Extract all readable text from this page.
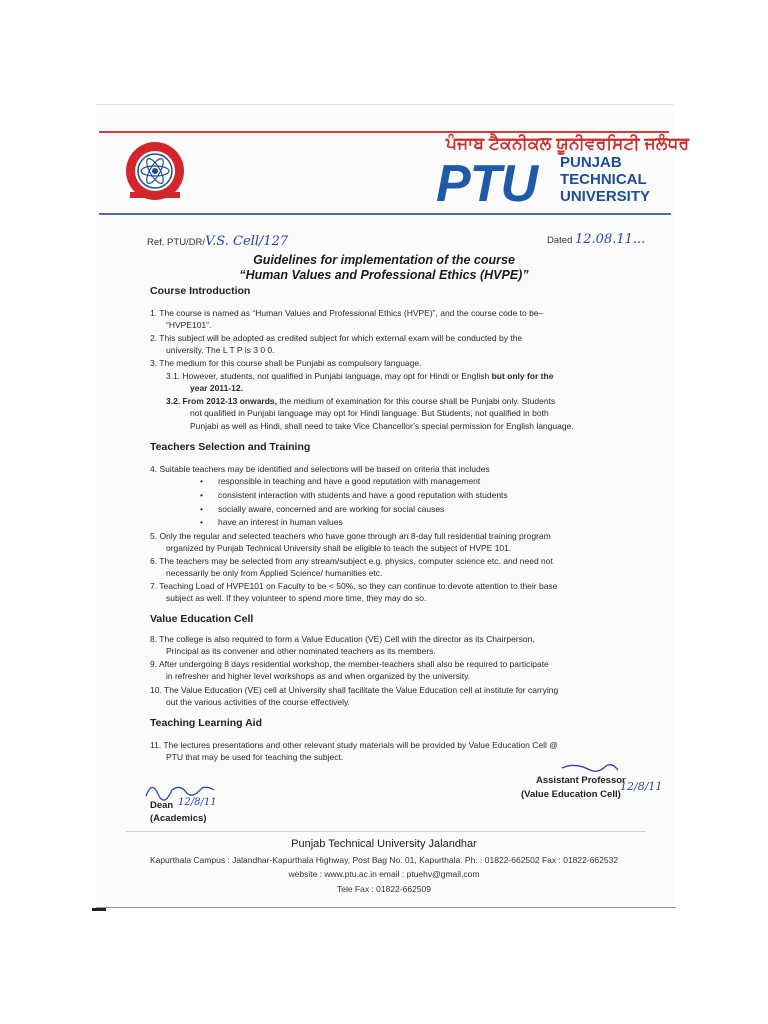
ਪੰਜਾਬ ਟੈਕਨੀਕਲ ਯੂਨੀਵਰਸਿਟੀ ਜਲੰਧਰ
PTU PUNJAB
TECHNICAL
UNIVERSITY
Ref. PTU/DR/V.S. Cell/127	Dated 12.08.11...
Guidelines for implementation of the course
“Human Values and Professional Ethics (HVPE)”
Course Introduction
1. The course is named as “Human Values and Professional Ethics (HVPE)”, and the course code to be–
“HVPE101”.
2. This subject will be adopted as credited subject for which external exam will be conducted by the
university. The L T P is 3 0 0.
3. The medium for this course shall be Punjabi as compulsory language.
3.1. However, students, not qualified in Punjabi language, may opt for Hindi or English but only for the
year 2011-12.
3.2. From 2012-13 onwards, the medium of examination for this course shall be Punjabi only. Students
not qualified in Punjabi language may opt for Hindi language. But Students, not qualified in both
Punjabi as well as Hindi, shall need to take Vice Chancellor’s special permission for English language.
Teachers Selection and Training
4. Suitable teachers may be identified and selections will be based on criteria that includes
• responsible in teaching and have a good reputation with management
• consistent interaction with students and have a good reputation with students
• socially aware, concerned and are working for social causes
• have an interest in human values
5. Only the regular and selected teachers who have gone through an 8-day full residential training program
organized by Punjab Technical University shall be eligible to teach the subject of HVPE 101.
6. The teachers may be selected from any stream/subject e.g. physics, computer science etc. and need not
necessarily be only from Applied Science/ humanities etc.
7. Teaching Load of HVPE101 on Faculty to be < 50%, so they can continue to devote attention to their base
subject as well. If they volunteer to spend more time, they may do so.
Value Education Cell
8. The college is also required to form a Value Education (VE) Cell with the director as its Chairperson,
Principal as its convener and other nominated teachers as its members.
9. After undergoing 8 days residential workshop, the member-teachers shall also be required to participate
in refresher and higher level workshops as and when organized by the university.
10. The Value Education (VE) cell at University shall facilitate the Value Education cell at institute for carrying
out the various activities of the course effectively.
Teaching Learning Aid
11. The lectures presentations and other relevant study materials will be provided by Value Education Cell @
PTU that may be used for teaching the subject.
12/8/11
Dean
(Academics)
Assistant Professor
(Value Education Cell)
12/8/11
Punjab Technical University Jalandhar
Kapurthala Campus : Jalandhar-Kapurthala Highway, Post Bag No. 01, Kapurthala. Ph. : 01822-662502 Fax : 01822-662532
website : www.ptu.ac.in email : ptuehv@gmail.com
Tele Fax : 01822-662509
